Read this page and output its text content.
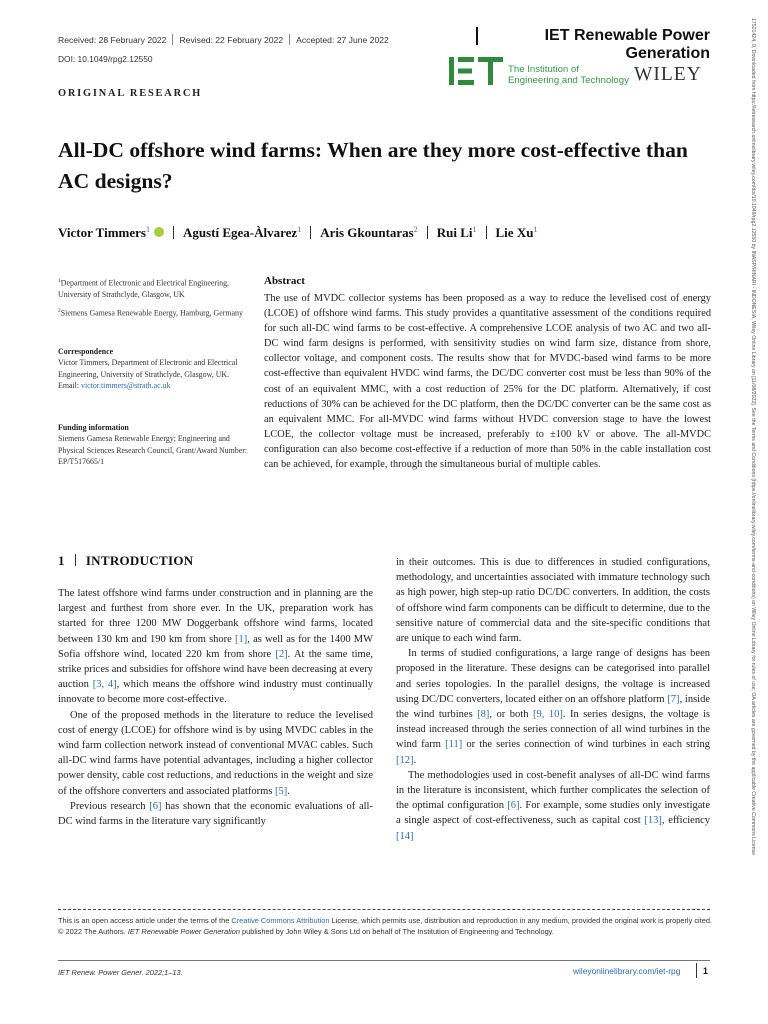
Received: 28 February 2022 Revised: 22 February 2022 Accepted: 27 June 2022
DOI: 10.1049/rpg2.12550
IET Renewable Power Generation
The Institution of
Engineering and Technology WILEY
ORIGINAL RESEARCH
All-DC offshore wind farms: When are they more cost-effective than AC designs?
Victor Timmers$^1$	Agustí Egea-Àlvarez$^1$ Aris Gkountaras$^2$ Rui Li$^1$ Lie Xu$^1$
$^1$Department of Electronic and Electrical Engineering, University of Strathclyde, Glasgow, UK
$^2$Siemens Gamesa Renewable Energy, Hamburg, Germany
Correspondence
Victor Timmers, Department of Electronic and Electrical Engineering, University of Strathclyde, Glasgow, UK.
Email: victor.timmers@strath.ac.uk
Funding information
Siemens Gamesa Renewable Energy; Engineering and Physical Sciences Research Council, Grant/Award Number: EP/T517665/1
Abstract
The use of MVDC collector systems has been proposed as a way to reduce the levelised cost of energy (LCOE) of offshore wind farms. This study provides a quantitative assessment of the conditions required for such all-DC wind farms to be cost-effective. A comprehensive LCOE analysis of two AC and two all-DC wind farm designs is performed, with sensitivity studies on wind farm size, distance from shore, collector voltage, and component costs. The results show that for MVDC-based wind farms to be more cost-effective than equivalent HVDC wind farms, the DC/DC converter cost must be less than 90% of the cost of an equivalent MMC, with a cost reduction of 25% for the DC platform. Alternatively, if cost reductions of 30% can be achieved for the DC platform, then the DC/DC converter can be the same cost as an equivalent MMC. For all-MVDC wind farms without HVDC conversion stage to have the lowest LCOE, the collector voltage must be increased, preferably to ±100 kV or above. The all-MVDC configuration can also become cost-effective if a reduction of more than 50% in the cable installation cost can be achieved, for example, through the simultaneous burial of multiple cables.
1 INTRODUCTION

The latest offshore wind farms under construction and in planning are the largest and furthest from shore ever. In the UK, preparation work has started for three 1200 MW Doggerbank offshore wind farms, located between 130 km and 190 km from shore [1], as well as for the 1400 MW Sofia offshore wind, located 220 km from shore [2]. At the same time, strike prices and subsidies for offshore wind have been decreasing at every auction [3, 4], which means the offshore wind industry must continually innovate to become more cost-effective.

One of the proposed methods in the literature to reduce the levelised cost of energy (LCOE) for offshore wind is by using MVDC cables in the wind farm collection network instead of conventional MVAC cables. Such all-DC wind farms have potential advantages, including a higher collector power density, cable cost reductions, and reductions in the weight and size of the offshore converters and associated platforms [5].

Previous research [6] has shown that the economic evaluations of all-DC wind farms in the literature vary significantly

in their outcomes. This is due to differences in studied configurations, methodology, and uncertainties associated with immature technology such as high power, high step-up ratio DC/DC converters. In addition, the costs of offshore wind farm components can be difficult to determine, due to the sensitive nature of commercial data and the site-specific conditions that are unique to each wind farm.

In terms of studied configurations, a large range of designs has been proposed in the literature. These designs can be categorised into parallel and series topologies. In the parallel designs, the voltage is increased using DC/DC converters, located either on an offshore platform [7], inside the wind turbines [8], or both [9, 10]. In series designs, the voltage is instead increased through the series connection of all wind turbines in the wind farm [11] or the series connection of wind turbines in each string [12].

The methodologies used in cost-benefit analyses of all-DC wind farms in the literature is inconsistent, which further complicates the selection of the optimal configuration [6]. For example, some studies only investigate a single aspect of cost-effectiveness, such as capital cost [13], efficiency [14]

This is an open access article under the terms of the Creative Commons Attribution License, which permits use, distribution and reproduction in any medium, provided the original work is properly cited.
© 2022 The Authors. IET Renewable Power Generation published by John Wiley & Sons Ltd on behalf of The Institution of Engineering and Technology.
IET Renew. Power Gener. 2022;1–13.	wileyonlinelibrary.com/iet-rpg	1
17521424, 0, Downloaded from https://ietresearch.onlinelibrary.wiley.com/doi/10.1049/rpg2.12550 by INASP/HINARI - INDONESIA, Wiley Online Library on [11/08/2022]. See the Terms and Conditions (https://onlinelibrary.wiley.com/terms-and-conditions) on Wiley Online Library for rules of use; OA articles are governed by the applicable Creative Commons License
